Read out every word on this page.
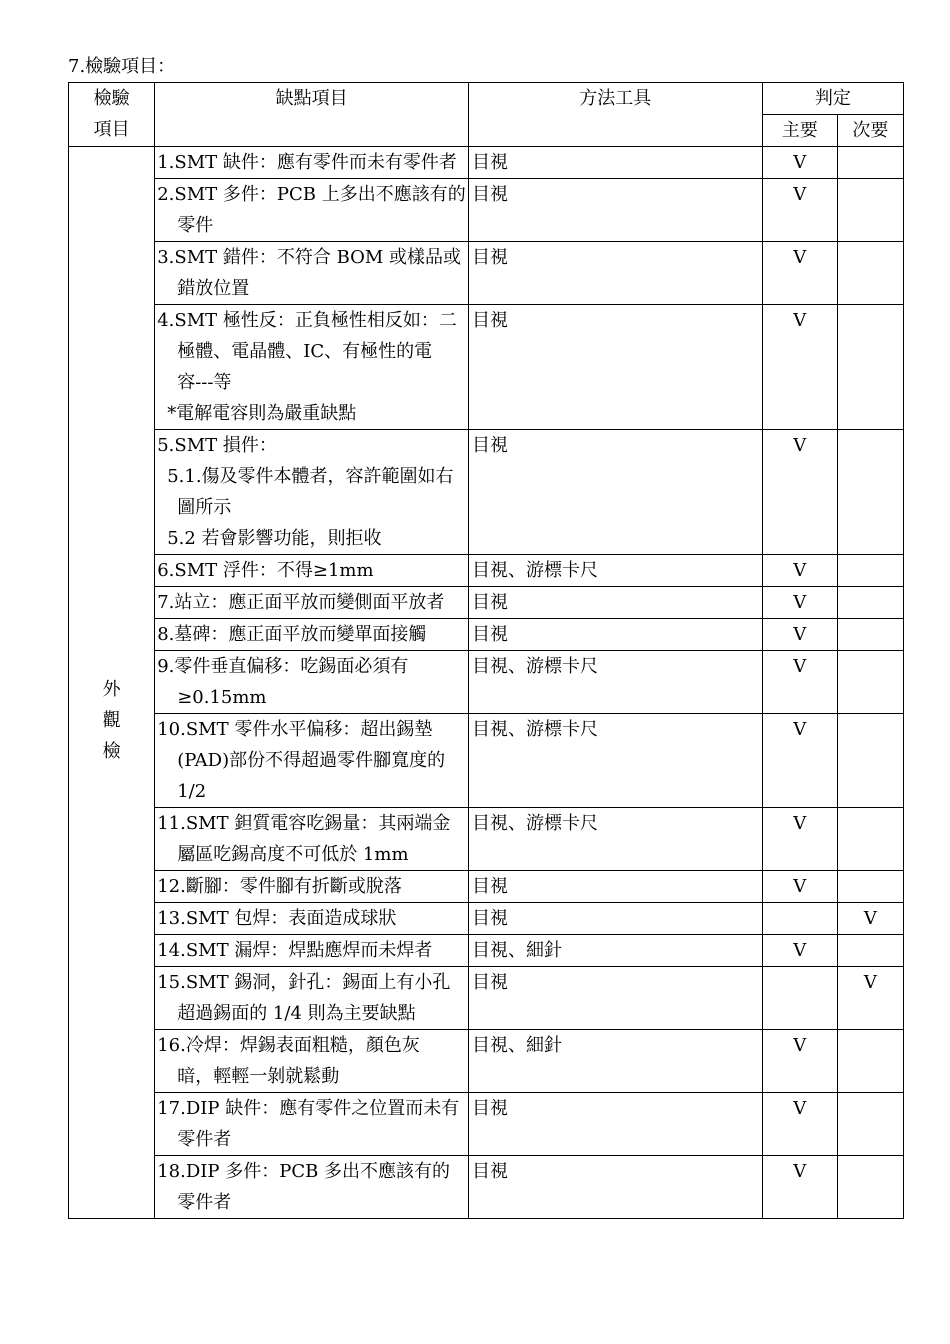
7.檢驗項目：
檢驗
項目	缺點項目	方法工具	判定	
			主要	次要

外
觀
檢	1.SMT 缺件：應有零件而未有零件者	目視	V	

	2.SMT 多件：PCB 上多出不應該有的
零件	目視	V	

	3.SMT 錯件：不符合 BOM 或樣品或
錯放位置	目視	V	

	4.SMT 極性反：正負極性相反如：二
極體、電晶體、IC、有極性的電
容---等
*電解電容則為嚴重缺點	目視	V	

	5.SMT 損件：
5.1.傷及零件本體者，容許範圍如右
圖所示
5.2 若會影響功能，則拒收	目視	V	

	6.SMT 浮件：不得≥1mm	目視、游標卡尺	V	

	7.站立：應正面平放而變側面平放者	目視	V	

	8.墓碑：應正面平放而變單面接觸	目視	V	

	9.零件垂直偏移：吃錫面必須有
≥0.15mm	目視、游標卡尺	V	

	10.SMT 零件水平偏移：超出錫墊
(PAD)部份不得超過零件腳寬度的
1/2	目視、游標卡尺	V	

	11.SMT 鉭質電容吃錫量：其兩端金
屬區吃錫高度不可低於 1mm	目視、游標卡尺	V	

	12.斷腳：零件腳有折斷或脫落	目視	V	

	13.SMT 包焊：表面造成球狀	目視		V

	14.SMT 漏焊：焊點應焊而未焊者	目視、細針	V	

	15.SMT 錫洞，針孔：錫面上有小孔
超過錫面的 1/4 則為主要缺點	目視		V

	16.冷焊：焊錫表面粗糙，顏色灰
暗，輕輕一剝就鬆動	目視、細針	V	

	17.DIP 缺件：應有零件之位置而未有
零件者	目視	V	

	18.DIP 多件：PCB 多出不應該有的
零件者	目視	V	
